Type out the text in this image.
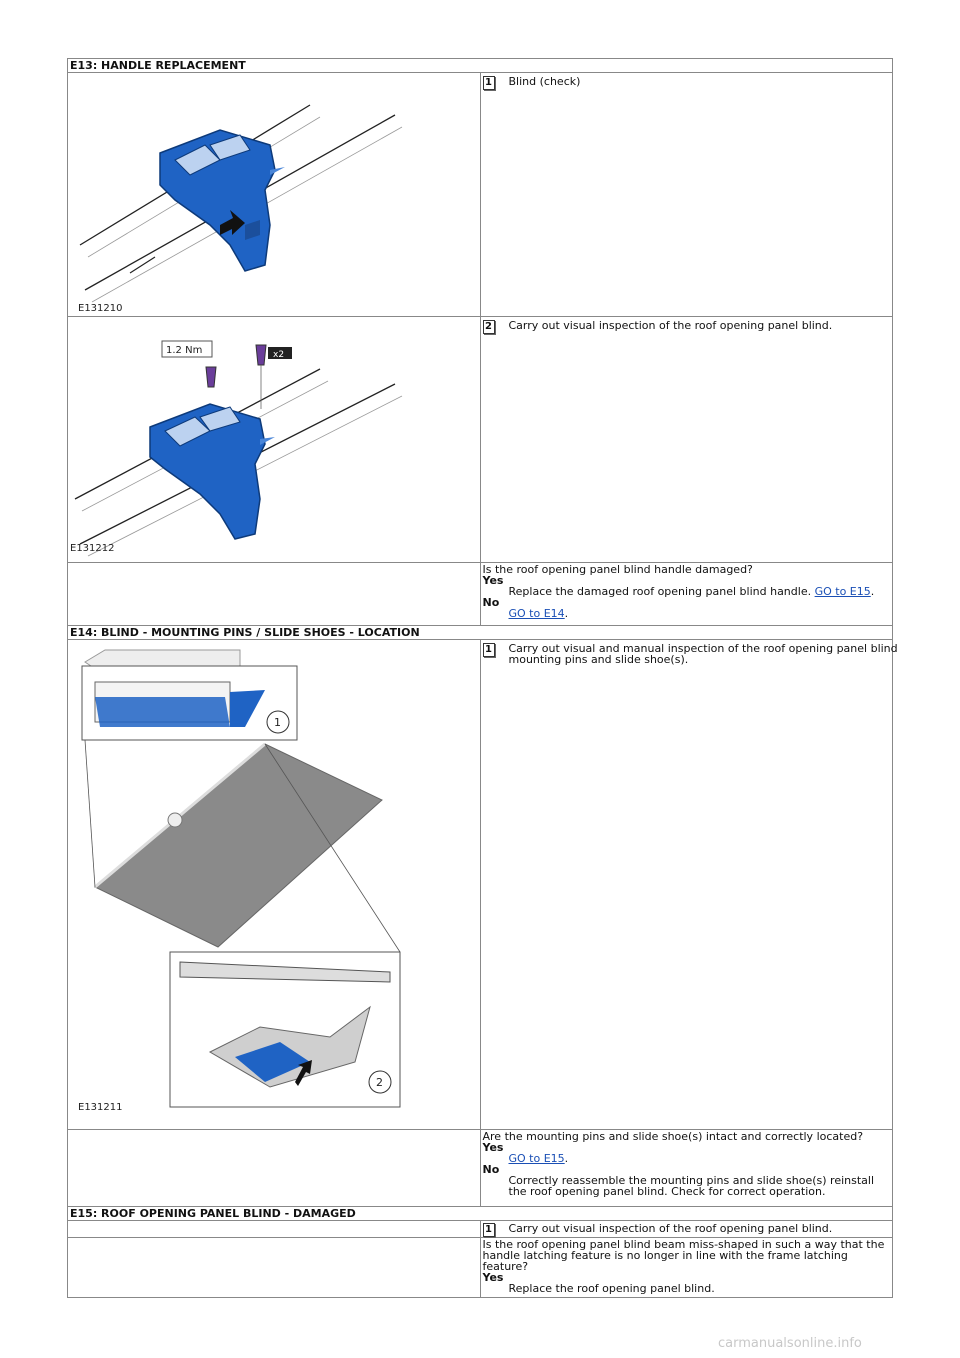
E13: HANDLE REPLACEMENT	

E131210	1 Blind (check)

1.2 Nm x2
E131212	2 Carry out visual inspection of the roof opening panel blind.

	Is the roof opening panel blind handle damaged?
Yes
Replace the damaged roof opening panel blind handle. GO to E15.
No
GO to E14.

E14: BLIND - MOUNTING PINS / SLIDE SHOES - LOCATION	

1
2
E131211	1 Carry out visual and manual inspection of the roof opening panel blind mounting pins and slide shoe(s).

	Are the mounting pins and slide shoe(s) intact and correctly located?
Yes
GO to E15.
No
Correctly reassemble the mounting pins and slide shoe(s) reinstall the roof opening panel blind. Check for correct operation.

E15: ROOF OPENING PANEL BLIND - DAMAGED	

	1 Carry out visual inspection of the roof opening panel blind.

	Is the roof opening panel blind beam miss-shaped in such a way that the handle latching feature is no longer in line with the frame latching feature?
Yes
Replace the roof opening panel blind.
carmanualsonline.info
